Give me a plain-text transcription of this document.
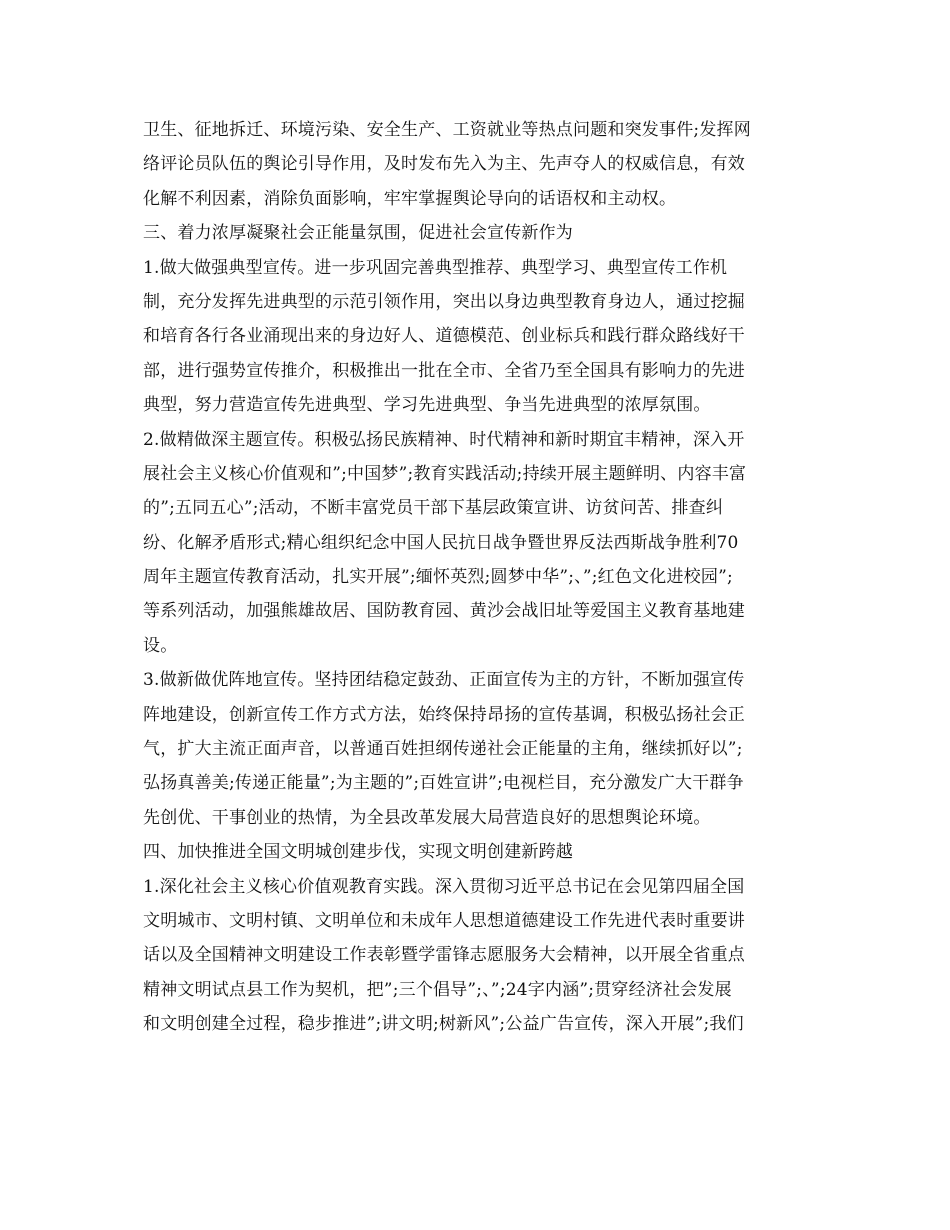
卫生、征地拆迁、环境污染、安全生产、工资就业等热点问题和突发事件;发挥网
络评论员队伍的舆论引导作用，及时发布先入为主、先声夺人的权威信息，有效
化解不利因素，消除负面影响，牢牢掌握舆论导向的话语权和主动权。
三、着力浓厚凝聚社会正能量氛围，促进社会宣传新作为
1.做大做强典型宣传。进一步巩固完善典型推荐、典型学习、典型宣传工作机
制，充分发挥先进典型的示范引领作用，突出以身边典型教育身边人，通过挖掘
和培育各行各业涌现出来的身边好人、道德模范、创业标兵和践行群众路线好干
部，进行强势宣传推介，积极推出一批在全市、全省乃至全国具有影响力的先进
典型，努力营造宣传先进典型、学习先进典型、争当先进典型的浓厚氛围。
2.做精做深主题宣传。积极弘扬民族精神、时代精神和新时期宜丰精神，深入开
展社会主义核心价值观和”;中国梦”;教育实践活动;持续开展主题鲜明、内容丰富
的”;五同五心”;活动，不断丰富党员干部下基层政策宣讲、访贫问苦、排查纠
纷、化解矛盾形式;精心组织纪念中国人民抗日战争暨世界反法西斯战争胜利70
周年主题宣传教育活动，扎实开展”;缅怀英烈;圆梦中华”;、”;红色文化进校园”;
等系列活动，加强熊雄故居、国防教育园、黄沙会战旧址等爱国主义教育基地建
设。
3.做新做优阵地宣传。坚持团结稳定鼓劲、正面宣传为主的方针，不断加强宣传
阵地建设，创新宣传工作方式方法，始终保持昂扬的宣传基调，积极弘扬社会正
气，扩大主流正面声音，以普通百姓担纲传递社会正能量的主角，继续抓好以”;
弘扬真善美;传递正能量”;为主题的”;百姓宣讲”;电视栏目，充分激发广大干群争
先创优、干事创业的热情，为全县改革发展大局营造良好的思想舆论环境。
四、加快推进全国文明城创建步伐，实现文明创建新跨越
1.深化社会主义核心价值观教育实践。深入贯彻习近平总书记在会见第四届全国
文明城市、文明村镇、文明单位和未成年人思想道德建设工作先进代表时重要讲
话以及全国精神文明建设工作表彰暨学雷锋志愿服务大会精神，以开展全省重点
精神文明试点县工作为契机，把”;三个倡导”;、”;24字内涵”;贯穿经济社会发展
和文明创建全过程，稳步推进”;讲文明;树新风”;公益广告宣传，深入开展”;我们
